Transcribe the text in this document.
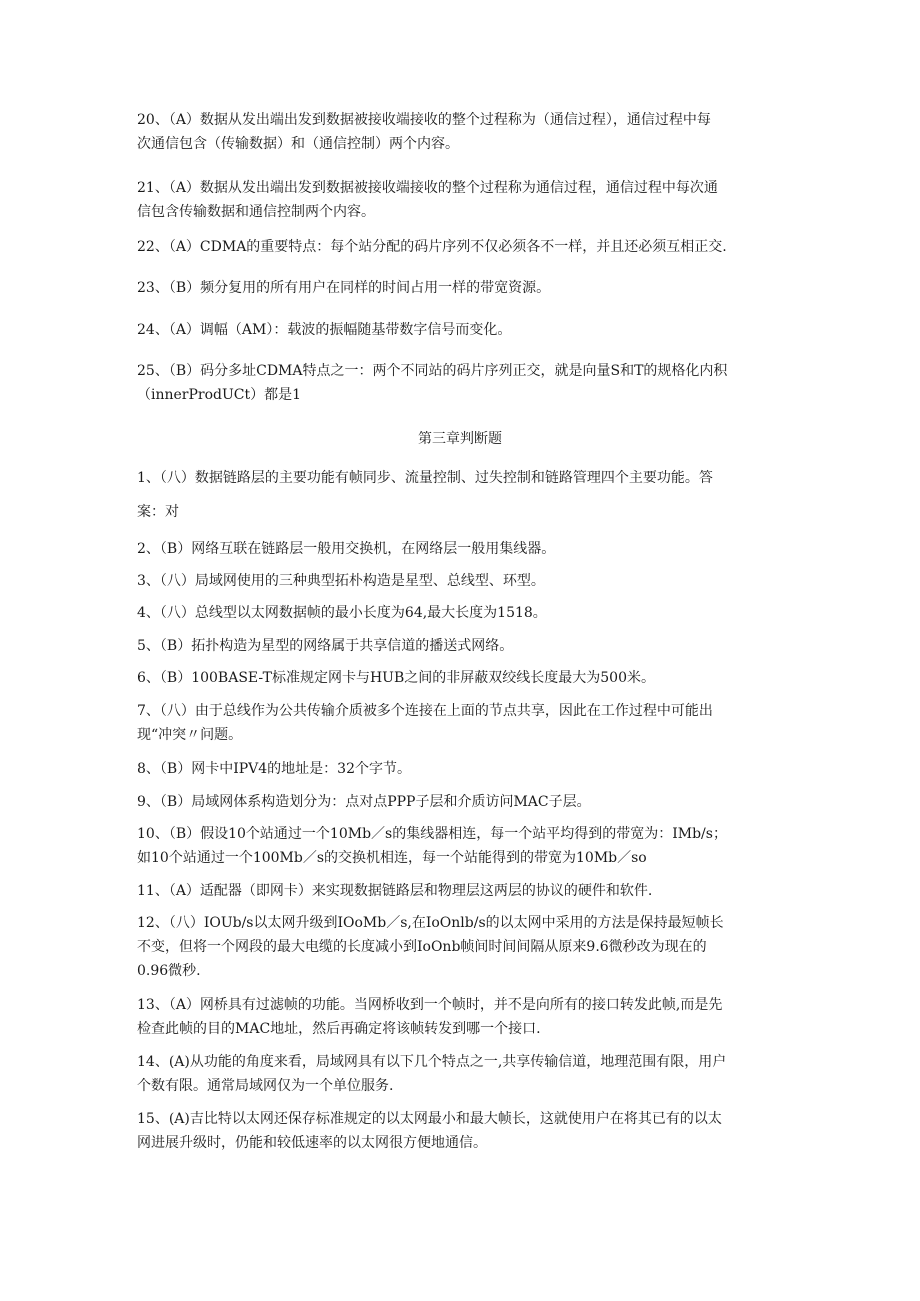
20、（A）数据从发出端出发到数据被接收端接收的整个过程称为（通信过程），通信过程中每
次通信包含（传输数据）和（通信控制）两个内容。
21、（A）数据从发出端出发到数据被接收端接收的整个过程称为通信过程，通信过程中每次通
信包含传输数据和通信控制两个内容。
22、（A）CDMA的重要特点：每个站分配的码片序列不仅必须各不一样，并且还必须互相正交.
23、（B）频分复用的所有用户在同样的时间占用一样的带宽资源。
24、（A）调幅（AM）：载波的振幅随基带数字信号而变化。
25、（B）码分多址CDMA特点之一：两个不同站的码片序列正交，就是向量S和T的规格化内积
（innerProdUCt）都是1
第三章判断题
1、（八）数据链路层的主要功能有帧同步、流量控制、过失控制和链路管理四个主要功能。答
案：对
2、（B）网络互联在链路层一般用交换机，在网络层一般用集线器。
3、（八）局域网使用的三种典型拓朴构造是星型、总线型、环型。
4、（八）总线型以太网数据帧的最小长度为64,最大长度为1518。
5、（B）拓扑构造为星型的网络属于共享信道的播送式网络。
6、（B）100BASE-T标准规定网卡与HUB之间的非屏蔽双绞线长度最大为500米。
7、（八）由于总线作为公共传输介质被多个连接在上面的节点共享，因此在工作过程中可能出
现“冲突〃问题。
8、（B）网卡中IPV4的地址是：32个字节。
9、（B）局域网体系构造划分为：点对点PPP子层和介质访问MAC子层。
10、（B）假设10个站通过一个10Mb／s的集线器相连，每一个站平均得到的带宽为：IMb/s；
如10个站通过一个100Mb／s的交换机相连，每一个站能得到的带宽为10Mb／so
11、（A）适配器（即网卡）来实现数据链路层和物理层这两层的协议的硬件和软件.
12、（八）IOUb/s以太网升级到IOoMb／s,在IoOnlb/s的以太网中采用的方法是保持最短帧长
不变，但将一个网段的最大电缆的长度减小到IoOnb帧间时间间隔从原来9.6微秒改为现在的
0.96微秒.
13、（A）网桥具有过滤帧的功能。当网桥收到一个帧时，并不是向所有的接口转发此帧,而是先
检查此帧的目的MAC地址，然后再确定将该帧转发到哪一个接口.
14、(A)从功能的角度来看，局域网具有以下几个特点之一,共享传输信道，地理范围有限，用户
个数有限。通常局域网仅为一个单位服务.
15、(A)吉比特以太网还保存标准规定的以太网最小和最大帧长，这就使用户在将其已有的以太
网进展升级时，仍能和较低速率的以太网很方便地通信。
